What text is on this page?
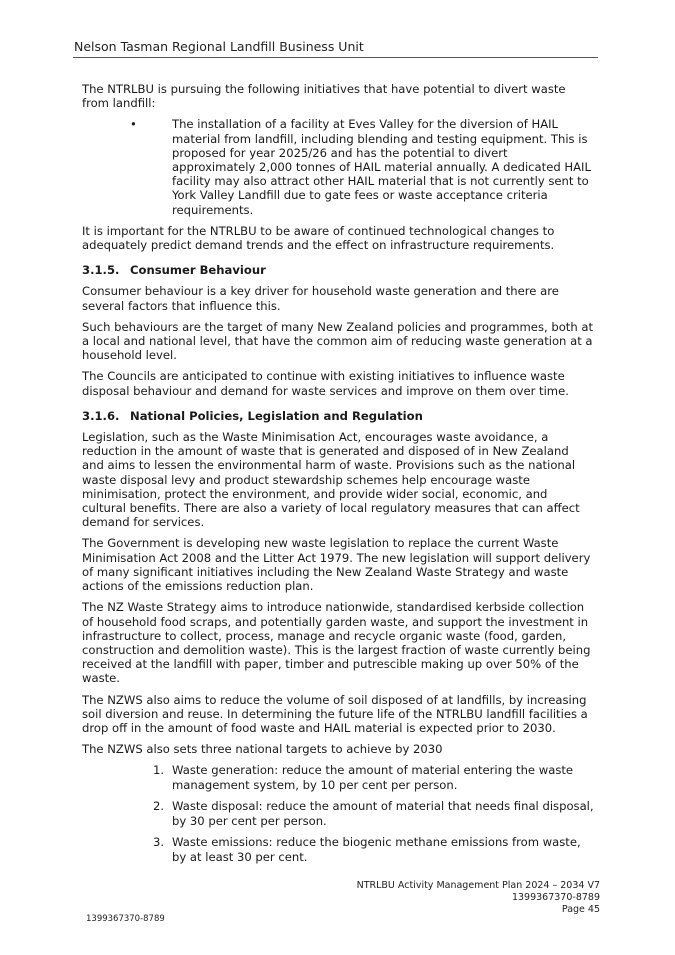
Nelson Tasman Regional Landfill Business Unit

The NTRLBU is pursuing the following initiatives that have potential to divert waste from landfill:

•	The installation of a facility at Eves Valley for the diversion of HAIL material from landfill, including blending and testing equipment. This is proposed for year 2025/26 and has the potential to divert approximately 2,000 tonnes of HAIL material annually. A dedicated HAIL facility may also attract other HAIL material that is not currently sent to York Valley Landfill due to gate fees or waste acceptance criteria requirements.

It is important for the NTRLBU to be aware of continued technological changes to adequately predict demand trends and the effect on infrastructure requirements.

3.1.5. Consumer Behaviour

Consumer behaviour is a key driver for household waste generation and there are several factors that influence this.

Such behaviours are the target of many New Zealand policies and programmes, both at a local and national level, that have the common aim of reducing waste generation at a household level.

The Councils are anticipated to continue with existing initiatives to influence waste disposal behaviour and demand for waste services and improve on them over time.

3.1.6. National Policies, Legislation and Regulation

Legislation, such as the Waste Minimisation Act, encourages waste avoidance, a reduction in the amount of waste that is generated and disposed of in New Zealand and aims to lessen the environmental harm of waste. Provisions such as the national waste disposal levy and product stewardship schemes help encourage waste minimisation, protect the environment, and provide wider social, economic, and cultural benefits. There are also a variety of local regulatory measures that can affect demand for services.

The Government is developing new waste legislation to replace the current Waste Minimisation Act 2008 and the Litter Act 1979. The new legislation will support delivery of many significant initiatives including the New Zealand Waste Strategy and waste actions of the emissions reduction plan.

The NZ Waste Strategy aims to introduce nationwide, standardised kerbside collection of household food scraps, and potentially garden waste, and support the investment in infrastructure to collect, process, manage and recycle organic waste (food, garden, construction and demolition waste). This is the largest fraction of waste currently being received at the landfill with paper, timber and putrescible making up over 50% of the waste.

The NZWS also aims to reduce the volume of soil disposed of at landfills, by increasing soil diversion and reuse. In determining the future life of the NTRLBU landfill facilities a drop off in the amount of food waste and HAIL material is expected prior to 2030.

The NZWS also sets three national targets to achieve by 2030

1. Waste generation: reduce the amount of material entering the waste management system, by 10 per cent per person.
2. Waste disposal: reduce the amount of material that needs final disposal, by 30 per cent per person.
3. Waste emissions: reduce the biogenic methane emissions from waste, by at least 30 per cent.
NTRLBU Activity Management Plan 2024 – 2034 V7
1399367370-8789
Page 45
1399367370-8789
